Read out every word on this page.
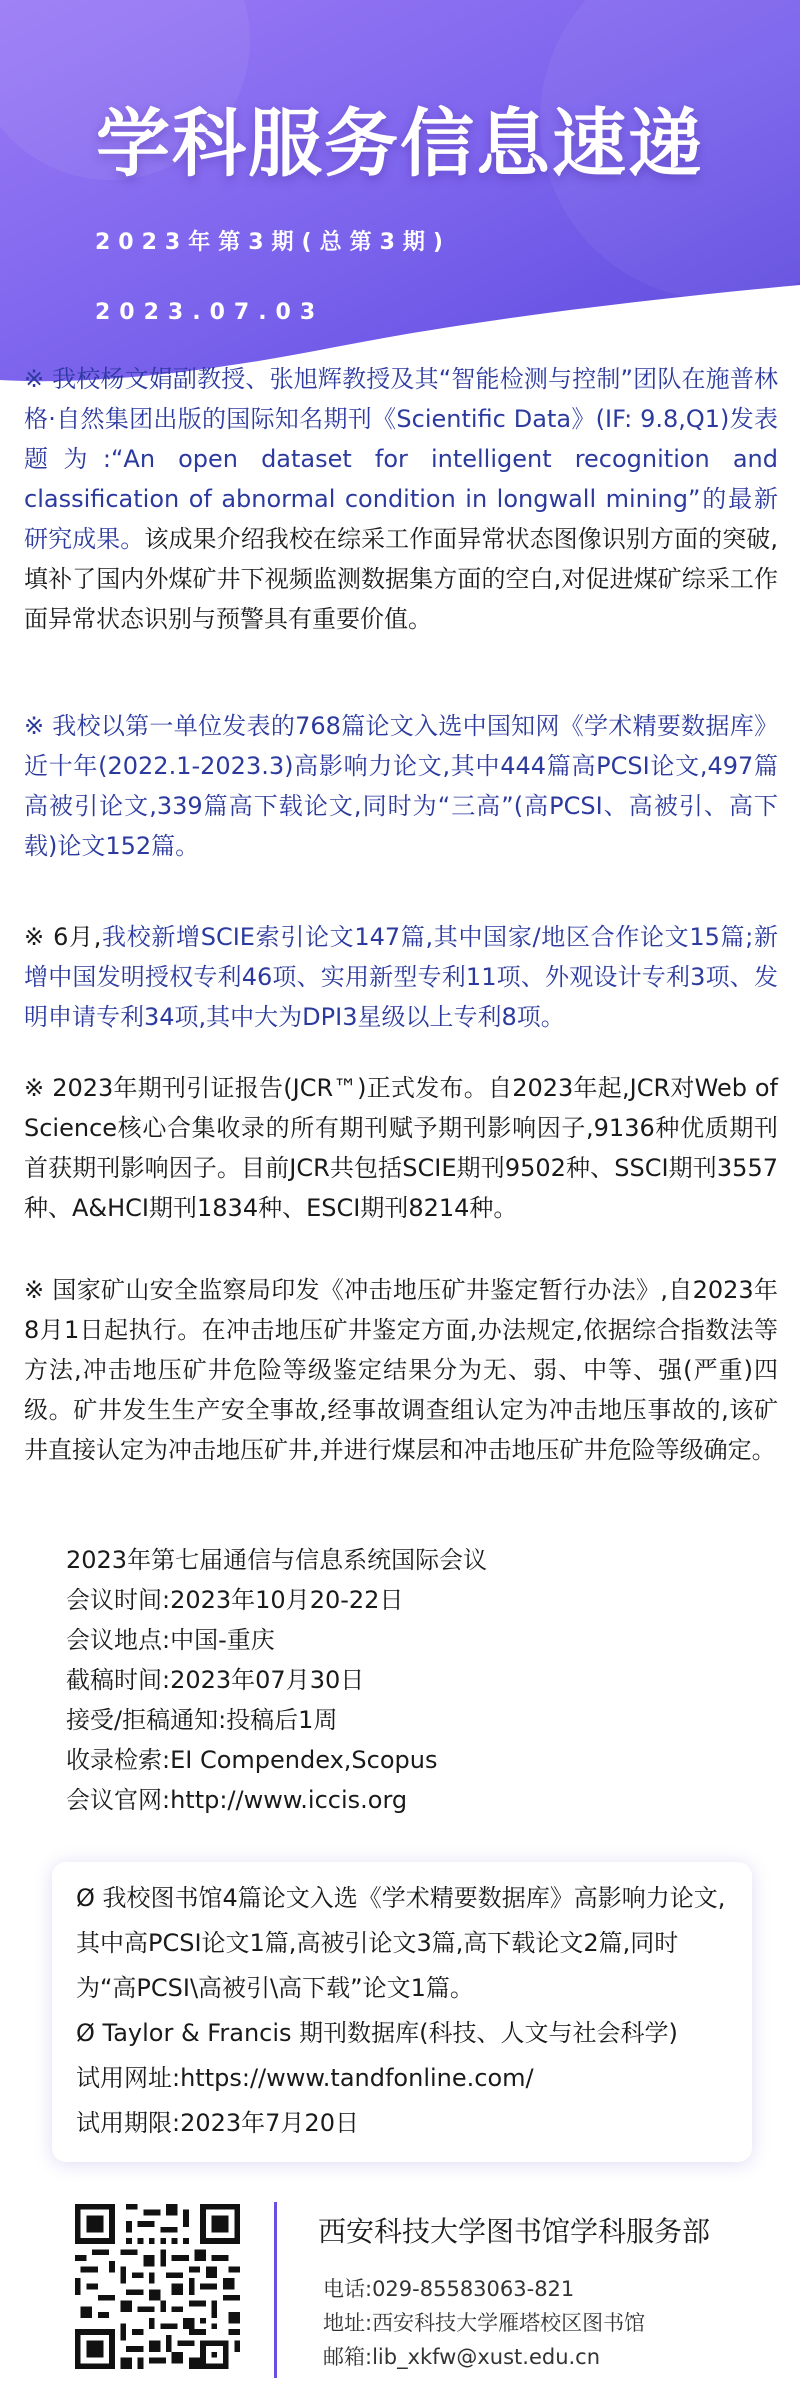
学科服务信息速递
2023年第3期(总第3期)
2023.07.03
※ 我校杨文娟副教授、张旭辉教授及其“智能检测与控制”团队在施普林格·自然集团出版的国际知名期刊《Scientific Data》(IF: 9.8,Q1)发表题为:“An open dataset for intelligent recognition and classification of abnormal condition in longwall mining”的最新研究成果。该成果介绍我校在综采工作面异常状态图像识别方面的突破,填补了国内外煤矿井下视频监测数据集方面的空白,对促进煤矿综采工作面异常状态识别与预警具有重要价值。
※ 我校以第一单位发表的768篇论文入选中国知网《学术精要数据库》近十年(2022.1-2023.3)高影响力论文,其中444篇高PCSI论文,497篇高被引论文,339篇高下载论文,同时为“三高”(高PCSI、高被引、高下载)论文152篇。
※ 6月,我校新增SCIE索引论文147篇,其中国家/地区合作论文15篇;新增中国发明授权专利46项、实用新型专利11项、外观设计专利3项、发明申请专利34项,其中大为DPI3星级以上专利8项。
※ 2023年期刊引证报告(JCR™)正式发布。自2023年起,JCR对Web of Science核心合集收录的所有期刊赋予期刊影响因子,9136种优质期刊首获期刊影响因子。目前JCR共包括SCIE期刊9502种、SSCI期刊3557种、A&HCI期刊1834种、ESCI期刊8214种。
※ 国家矿山安全监察局印发《冲击地压矿井鉴定暂行办法》,自2023年8月1日起执行。在冲击地压矿井鉴定方面,办法规定,依据综合指数法等方法,冲击地压矿井危险等级鉴定结果分为无、弱、中等、强(严重)四级。矿井发生生产安全事故,经事故调查组认定为冲击地压事故的,该矿井直接认定为冲击地压矿井,并进行煤层和冲击地压矿井危险等级确定。
2023年第七届通信与信息系统国际会议
会议时间:2023年10月20-22日
会议地点:中国-重庆
截稿时间:2023年07月30日
接受/拒稿通知:投稿后1周
收录检索:EI Compendex,Scopus
会议官网:http://www.iccis.org
Ø 我校图书馆4篇论文入选《学术精要数据库》高影响力论文,其中高PCSI论文1篇,高被引论文3篇,高下载论文2篇,同时为“高PCSI\高被引\高下载”论文1篇。
Ø Taylor & Francis 期刊数据库(科技、人文与社会科学)
试用网址:https://www.tandfonline.com/
试用期限:2023年7月20日
西安科技大学图书馆学科服务部
电话:029-85583063-821
地址:西安科技大学雁塔校区图书馆
邮箱:lib_xkfw@xust.edu.cn
